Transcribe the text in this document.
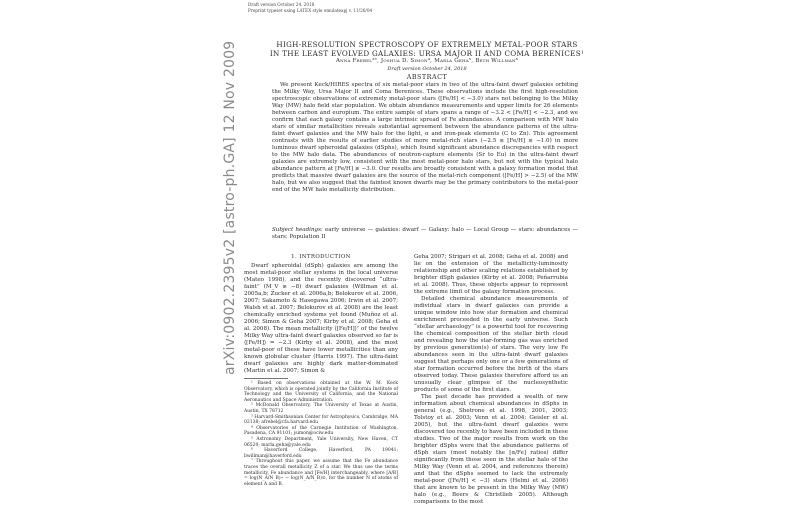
Draft version October 24, 2018
Preprint typeset using LATEX style emulateapj v. 11/26/04
arXiv:0902.2395v2 [astro-ph.GA] 12 Nov 2009	HIGH-RESOLUTION SPECTROSCOPY OF EXTREMELY METAL-POOR STARS
IN THE LEAST EVOLVED GALAXIES: URSA MAJOR II AND COMA BERENICES¹
Anna Frebel²³, Joshua D. Simon⁴, Marla Geha⁵, Beth Willman⁶
Draft version October 24, 2018
ABSTRACT

We present Keck/HIRES spectra of six metal-poor stars in two of the ultra-faint dwarf galaxies orbiting the Milky Way, Ursa Major II and Coma Berenices. These observations include the first high-resolution spectroscopic observations of extremely metal-poor stars ([Fe/H] < −3.0) stars not belonging to the Milky Way (MW) halo field star population. We obtain abundance measurements and upper limits for 26 elements between carbon and europium. The entire sample of stars spans a range of −3.2 < [Fe/H] < −2.3, and we confirm that each galaxy contains a large intrinsic spread of Fe abundances. A comparison with MW halo stars of similar metallicities reveals substantial agreement between the abundance patterns of the ultra-faint dwarf galaxies and the MW halo for the light, α and iron-peak elements (C to Zn). This agreement contrasts with the results of earlier studies of more metal-rich stars (−2.5 ≲ [Fe/H] ≲ −1.0) in more luminous dwarf spheroidal galaxies (dSphs), which found significant abundance discrepancies with respect to the MW halo data. The abundances of neutron-capture elements (Sr to Eu) in the ultra-faint dwarf galaxies are extremely low, consistent with the most metal-poor halo stars, but not with the typical halo abundance pattern at [Fe/H] ≳ −3.0. Our results are broadly consistent with a galaxy formation model that predicts that massive dwarf galaxies are the source of the metal-rich component ([Fe/H] > −2.5) of the MW halo, but we also suggest that the faintest known dwarfs may be the primary contributors to the metal-poor end of the MW halo metallicity distribution.

Subject headings: early universe — galaxies: dwarf — Galaxy: halo — Local Group — stars: abundances — stars: Population II

1. INTRODUCTION

Dwarf spheroidal (dSph) galaxies are among the most metal-poor stellar systems in the local universe (Mateo 1998), and the recently discovered “ultra-faint” (M_V ≳ −8) dwarf galaxies (Willman et al. 2005a,b; Zucker et al. 2006a,b; Belokurov et al. 2006, 2007; Sakamoto & Hasegawa 2006; Irwin et al. 2007; Walsh et al. 2007; Belokurov et al. 2008) are the least chemically enriched systems yet found (Muñoz et al. 2006; Simon & Geha 2007; Kirby et al. 2008; Geha et al. 2008). The mean metallicity ⟨[Fe/H]⟩⁷ of the twelve Milky Way ultra-faint dwarf galaxies observed so far is ⟨[Fe/H]⟩ = −2.3 (Kirby et al. 2008), and the most metal-poor of these have lower metallicities than any known globular cluster (Harris 1997). The ultra-faint dwarf galaxies are highly dark matter-dominated (Martin et al. 2007; Simon &

¹ Based on observations obtained at the W. M. Keck Observatory, which is operated jointly by the California Institute of Technology and the University of California, and the National Aeronautics and Space Administration.

² McDonald Observatory, The University of Texas at Austin, Austin, TX 78712

³ Harvard-Smithsonian Center for Astrophysics, Cambridge, MA 02138; afrebel@cfa.harvard.edu

⁴ Observatories of the Carnegie Institution of Washington, Pasadena, CA 91101; jsimon@ociw.edu

⁵ Astronomy Department, Yale University, New Haven, CT 06520; marla.geha@yale.edu

⁶ Haverford College, Haverford, PA 19041; bwillman@haverford.edu

⁷ Throughout this paper, we assume that the Fe abundance traces the overall metallicity Z of a star. We thus use the terms metallicity, Fe abundance and [Fe/H] interchangeably, where [A/B] = log(N_A/N_B)⋆ − log(N_A/N_B)⊙, for the number N of atoms of element A and B.

Geha 2007; Strigari et al. 2008; Geha et al. 2008) and lie on the extension of the metallicity-luminosity relationship and other scaling relations established by brighter dSph galaxies (Kirby et al. 2008; Peñarrubia et al. 2008). Thus, these objects appear to represent the extreme limit of the galaxy formation process.

Detailed chemical abundance measurements of individual stars in dwarf galaxies can provide a unique window into how star formation and chemical enrichment proceeded in the early universe. Such “stellar archaeology” is a powerful tool for recovering the chemical composition of the stellar birth cloud and revealing how the star-forming gas was enriched by previous generation(s) of stars. The very low Fe abundances seen in the ultra-faint dwarf galaxies suggest that perhaps only one or a few generations of star formation occurred before the birth of the stars observed today. These galaxies therefore afford us an unusually clear glimpse of the nucleosynthetic products of some of the first stars.

The past decade has provided a wealth of new information about chemical abundances in dSphs in general (e.g., Shetrone et al. 1998, 2001, 2003; Tolstoy et al. 2003; Venn et al. 2004; Geisler et al. 2005), but the ultra-faint dwarf galaxies were discovered too recently to have been included in these studies. Two of the major results from work on the brighter dSphs were that the abundance patterns of dSph stars (most notably the [α/Fe] ratios) differ significantly from those seen in the stellar halo of the Milky Way (Venn et al. 2004, and references therein) and that the dSphs seemed to lack the extremely metal-poor ([Fe/H] < −3) stars (Helmi et al. 2006) that are known to be present in the Milky Way (MW) halo (e.g., Beers & Christlieb 2005). Although comparisons to the most
